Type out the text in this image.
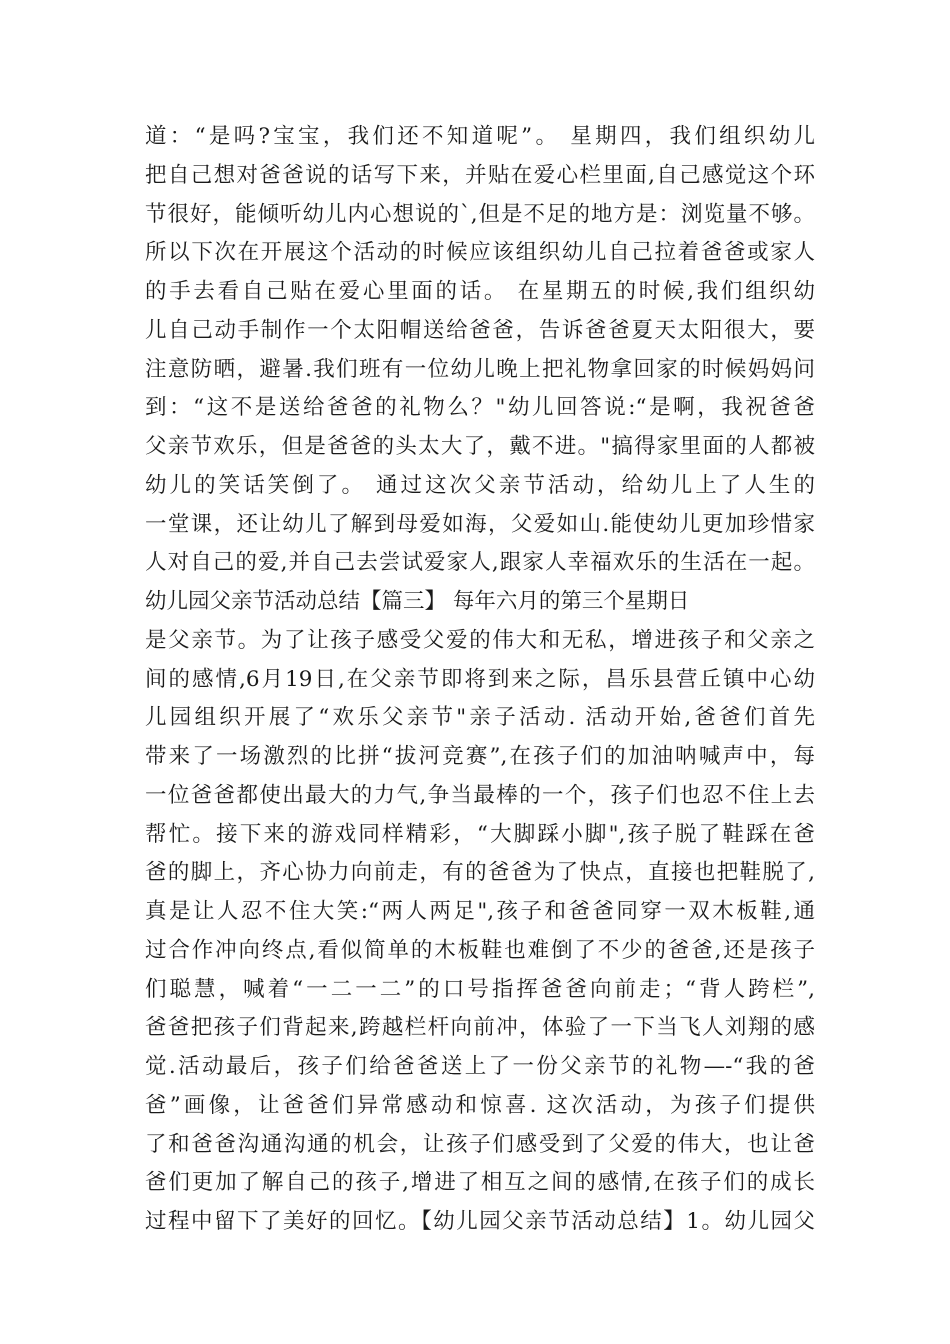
道：“是吗?宝宝，我们还不知道呢”。 星期四，我们组织幼儿
把自己想对爸爸说的话写下来，并贴在爱心栏里面,自己感觉这个环
节很好，能倾听幼儿内心想说的`,但是不足的地方是：浏览量不够。
所以下次在开展这个活动的时候应该组织幼儿自己拉着爸爸或家人
的手去看自己贴在爱心里面的话。 在星期五的时候,我们组织幼
儿自己动手制作一个太阳帽送给爸爸，告诉爸爸夏天太阳很大，要
注意防晒，避暑.我们班有一位幼儿晚上把礼物拿回家的时候妈妈问
到：“这不是送给爸爸的礼物么？"幼儿回答说:“是啊，我祝爸爸
父亲节欢乐，但是爸爸的头太大了，戴不进。"搞得家里面的人都被
幼儿的笑话笑倒了。 通过这次父亲节活动，给幼儿上了人生的
一堂课，还让幼儿了解到母爱如海，父爱如山.能使幼儿更加珍惜家
人对自己的爱,并自己去尝试爱家人,跟家人幸福欢乐的生活在一起。
幼儿园父亲节活动总结【篇三】 每年六月的第三个星期日
是父亲节。为了让孩子感受父爱的伟大和无私，增进孩子和父亲之
间的感情,6月19日,在父亲节即将到来之际，昌乐县营丘镇中心幼
儿园组织开展了“欢乐父亲节"亲子活动. 活动开始,爸爸们首先
带来了一场激烈的比拼“拔河竞赛”,在孩子们的加油呐喊声中，每
一位爸爸都使出最大的力气,争当最棒的一个，孩子们也忍不住上去
帮忙。接下来的游戏同样精彩，“大脚踩小脚",孩子脱了鞋踩在爸
爸的脚上，齐心协力向前走，有的爸爸为了快点，直接也把鞋脱了,
真是让人忍不住大笑:“两人两足",孩子和爸爸同穿一双木板鞋,通
过合作冲向终点,看似简单的木板鞋也难倒了不少的爸爸,还是孩子
们聪慧，喊着“一二一二”的口号指挥爸爸向前走；“背人跨栏”,
爸爸把孩子们背起来,跨越栏杆向前冲，体验了一下当飞人刘翔的感
觉.活动最后，孩子们给爸爸送上了一份父亲节的礼物—-“我的爸
爸”画像，让爸爸们异常感动和惊喜. 这次活动，为孩子们提供
了和爸爸沟通沟通的机会，让孩子们感受到了父爱的伟大，也让爸
爸们更加了解自己的孩子,增进了相互之间的感情,在孩子们的成长
过程中留下了美好的回忆。【幼儿园父亲节活动总结】1。幼儿园父
